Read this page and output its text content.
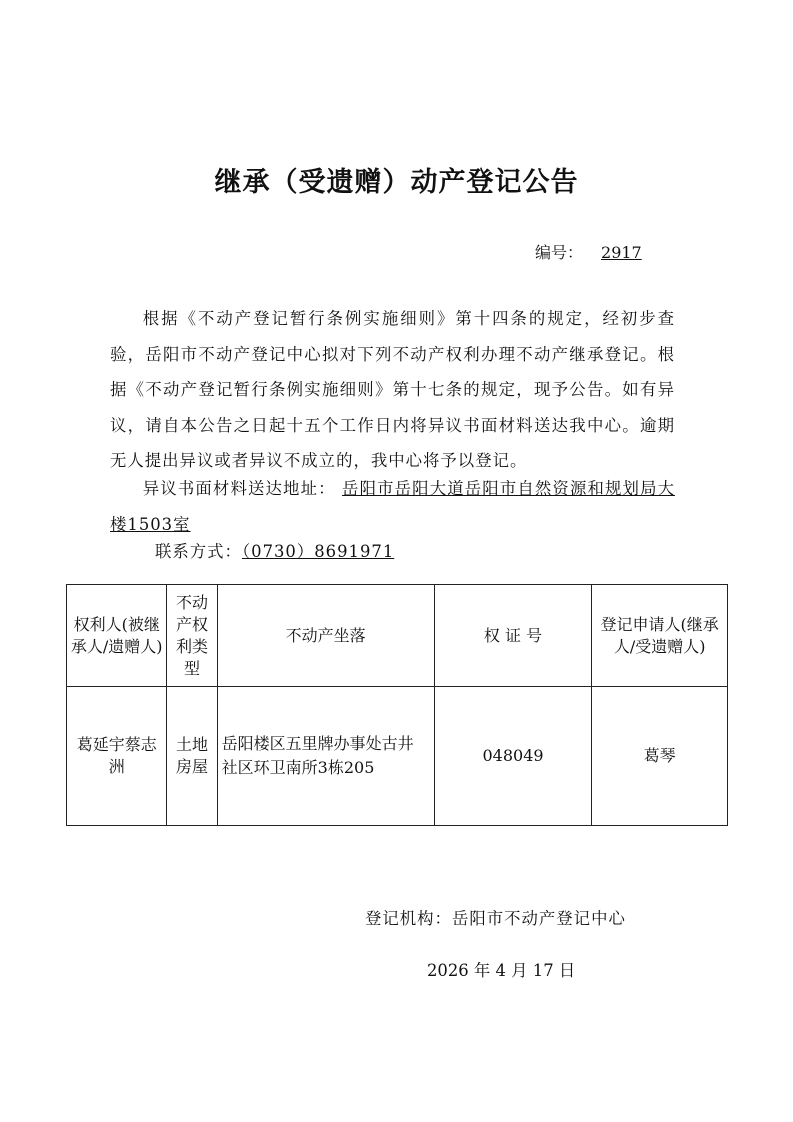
继承（受遗赠）动产登记公告
编号： 2917
根据《不动产登记暂行条例实施细则》第十四条的规定，经初步查验，岳阳市不动产登记中心拟对下列不动产权利办理不动产继承登记。根据《不动产登记暂行条例实施细则》第十七条的规定，现予公告。如有异议，请自本公告之日起十五个工作日内将异议书面材料送达我中心。逾期无人提出异议或者异议不成立的，我中心将予以登记。
异议书面材料送达地址： 岳阳市岳阳大道岳阳市自然资源和规划局大楼1503室
联系方式：（0730）8691971
权利人(被继承人/遗赠人)	不动产权利类型	不动产坐落	权 证 号	登记申请人(继承人/受遗赠人)
葛延宇蔡志洲	土地房屋	岳阳楼区五里牌办事处古井社区环卫南所3栋205	048049	葛琴
登记机构：岳阳市不动产登记中心
2026 年 4 月 17 日
